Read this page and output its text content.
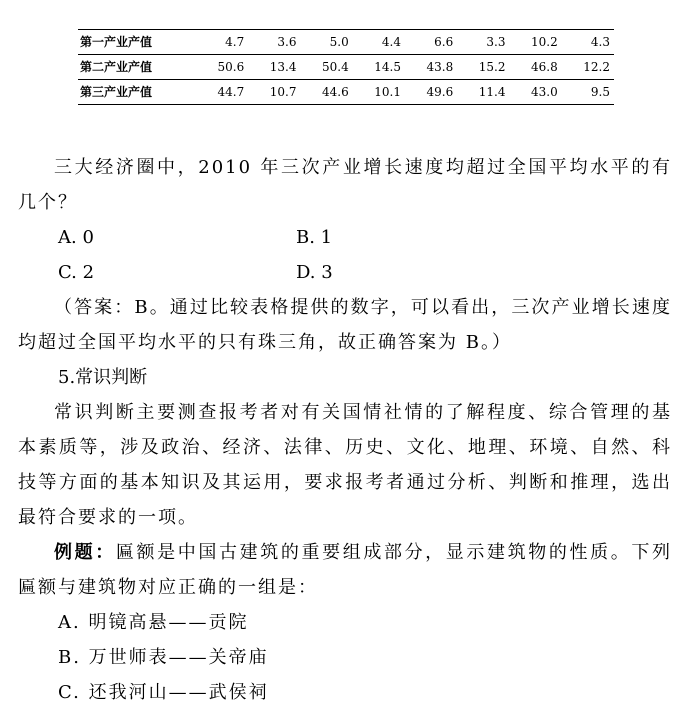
第一产业产值	4.7	3.6	5.0	4.4	6.6	3.3	10.2	4.3
第二产业产值	50.6	13.4	50.4	14.5	43.8	15.2	46.8	12.2
第三产业产值	44.7	10.7	44.6	10.1	49.6	11.4	43.0	9.5

三大经济圈中，2010 年三次产业增长速度均超过全国平均水平的有几个？

A. 0	B. 1
C. 2	D. 3

（答案：B。通过比较表格提供的数字，可以看出，三次产业增长速度均超过全国平均水平的只有珠三角，故正确答案为 B。）

5.常识判断

常识判断主要测查报考者对有关国情社情的了解程度、综合管理的基本素质等，涉及政治、经济、法律、历史、文化、地理、环境、自然、科技等方面的基本知识及其运用，要求报考者通过分析、判断和推理，选出最符合要求的一项。

例题：匾额是中国古建筑的重要组成部分，显示建筑物的性质。下列匾额与建筑物对应正确的一组是：

A. 明镜高悬——贡院

B. 万世师表——关帝庙

C. 还我河山——武侯祠
